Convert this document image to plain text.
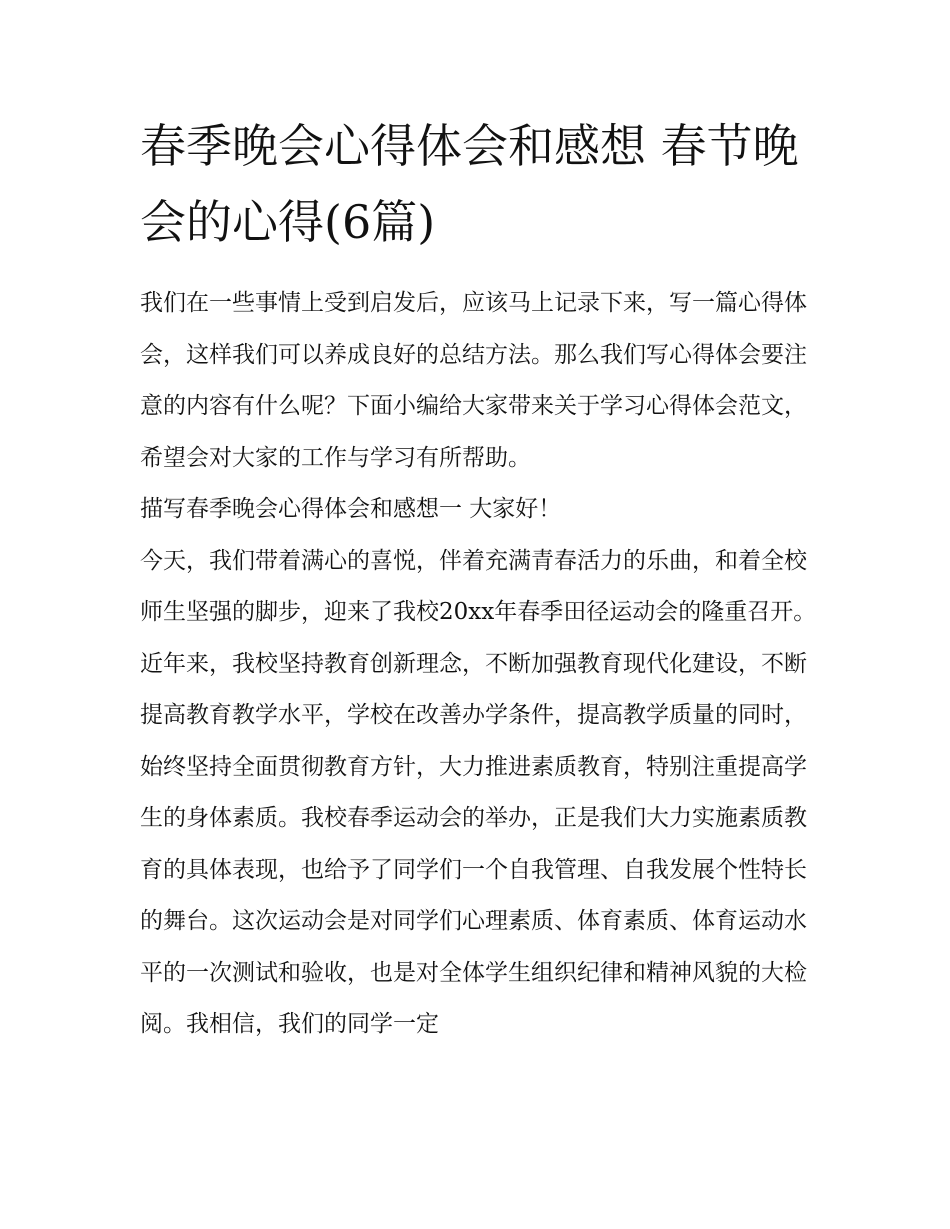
春季晚会心得体会和感想 春节晚会的心得(6篇)

我们在一些事情上受到启发后，应该马上记录下来，写一篇心得体会，这样我们可以养成良好的总结方法。那么我们写心得体会要注意的内容有什么呢？下面小编给大家带来关于学习心得体会范文，希望会对大家的工作与学习有所帮助。

描写春季晚会心得体会和感想一 大家好！

今天，我们带着满心的喜悦，伴着充满青春活力的乐曲，和着全校师生坚强的脚步，迎来了我校20xx年春季田径运动会的隆重召开。

近年来，我校坚持教育创新理念，不断加强教育现代化建设，不断提高教育教学水平，学校在改善办学条件，提高教学质量的同时，始终坚持全面贯彻教育方针，大力推进素质教育，特别注重提高学生的身体素质。我校春季运动会的举办，正是我们大力实施素质教育的具体表现，也给予了同学们一个自我管理、自我发展个性特长的舞台。这次运动会是对同学们心理素质、体育素质、体育运动水平的一次测试和验收，也是对全体学生组织纪律和精神风貌的大检阅。我相信，我们的同学一定
